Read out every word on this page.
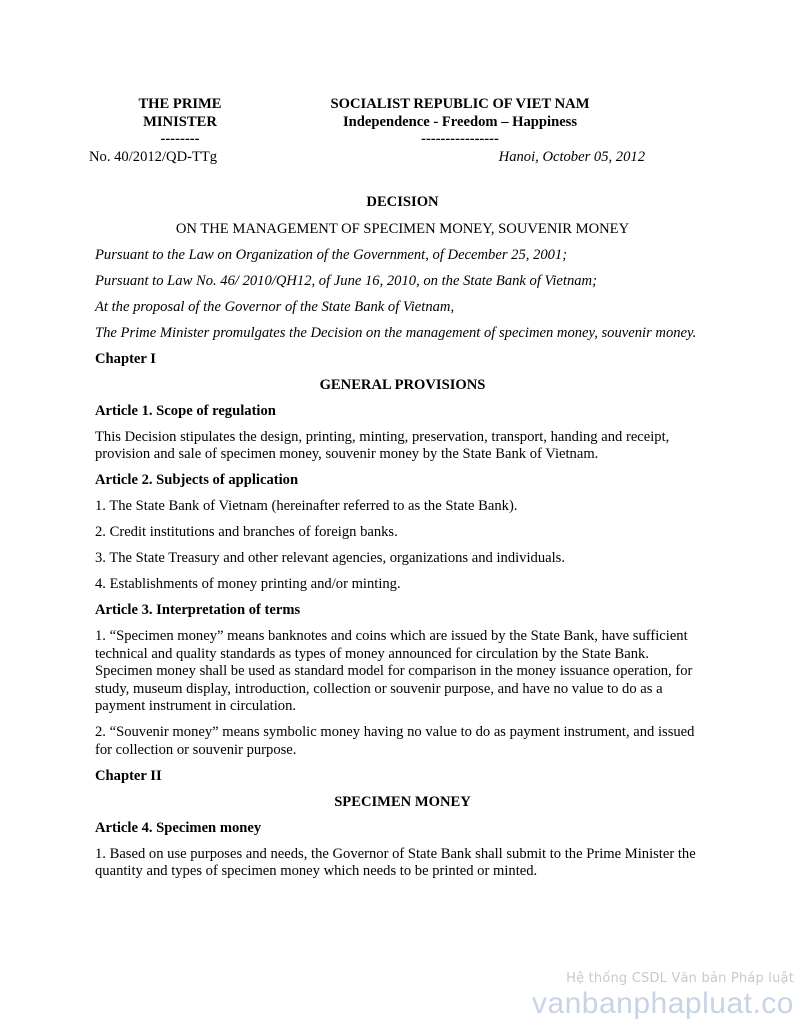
THE PRIME
MINISTER
--------
No. 40/2012/QD-TTg
SOCIALIST REPUBLIC OF VIET NAM
Independence - Freedom – Happiness
----------------
Hanoi, October 05, 2012

DECISION

ON THE MANAGEMENT OF SPECIMEN MONEY, SOUVENIR MONEY

Pursuant to the Law on Organization of the Government, of December 25, 2001;

Pursuant to Law No. 46/ 2010/QH12, of June 16, 2010, on the State Bank of Vietnam;

At the proposal of the Governor of the State Bank of Vietnam,

The Prime Minister promulgates the Decision on the management of specimen money, souvenir money.

Chapter I

GENERAL PROVISIONS

Article 1. Scope of regulation

This Decision stipulates the design, printing, minting, preservation, transport, handing and receipt, provision and sale of specimen money, souvenir money by the State Bank of Vietnam.

Article 2. Subjects of application

1. The State Bank of Vietnam (hereinafter referred to as the State Bank).

2. Credit institutions and branches of foreign banks.

3. The State Treasury and other relevant agencies, organizations and individuals.

4. Establishments of money printing and/or minting.

Article 3. Interpretation of terms

1. “Specimen money” means banknotes and coins which are issued by the State Bank, have sufficient technical and quality standards as types of money announced for circulation by the State Bank. Specimen money shall be used as standard model for comparison in the money issuance operation, for study, museum display, introduction, collection or souvenir purpose, and have no value to do as a payment instrument in circulation.

2. “Souvenir money” means symbolic money having no value to do as payment instrument, and issued for collection or souvenir purpose.

Chapter II

SPECIMEN MONEY

Article 4. Specimen money

1. Based on use purposes and needs, the Governor of State Bank shall submit to the Prime Minister the quantity and types of specimen money which needs to be printed or minted.

Hệ thống CSDL Văn bản Pháp luật
vanbanphapluat.co
